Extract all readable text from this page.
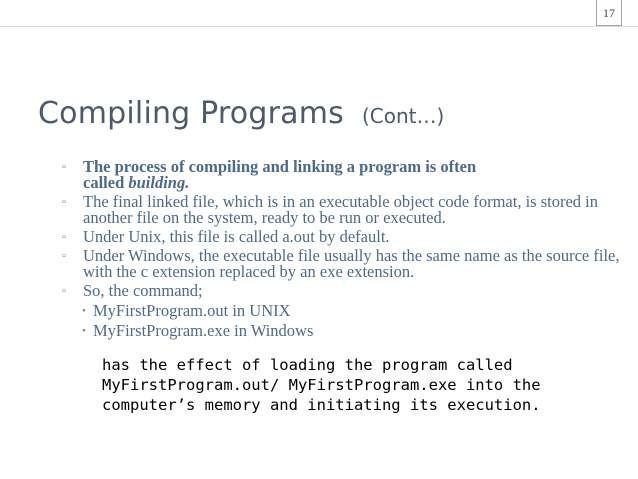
17
Compiling Programs (Cont…)
▫ The process of compiling and linking a program is often
called building.
▫ The final linked file, which is in an executable object code format, is stored in another file on the system, ready to be run or executed.
▫ Under Unix, this file is called a.out by default.
▫ Under Windows, the executable file usually has the same name as the source file, with the c extension replaced by an exe extension.
▫ So, the command;
• MyFirstProgram.out in UNIX
• MyFirstProgram.exe in Windows
has the effect of loading the program called MyFirstProgram.out/ MyFirstProgram.exe into the computer’s memory and initiating its execution.
